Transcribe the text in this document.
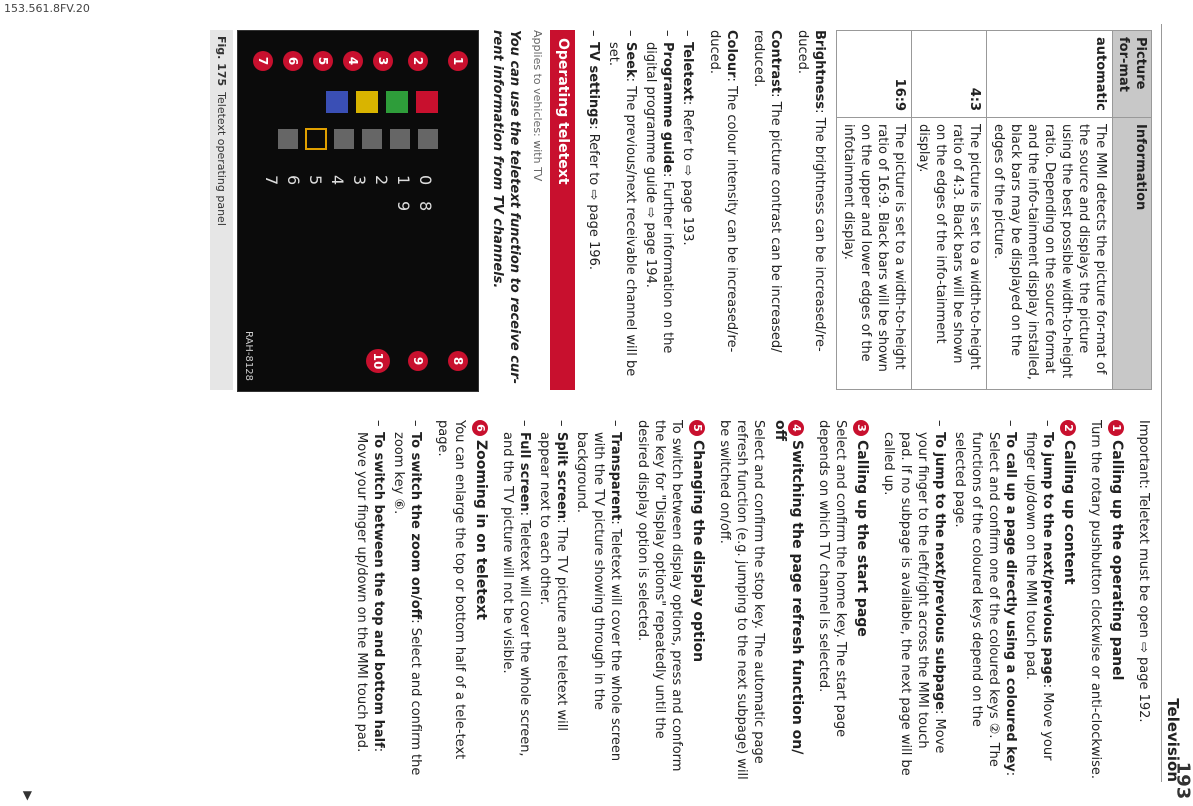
153.561.8FV.20
▼
Television
Picture for-mat	Information
automatic	The MMI detects the picture for-mat of the source and displays the picture using the best possible width-to-height ratio. Depending on the source format and the info-tainment display installed, black bars may be displayed on the edges of the picture.
4:3	The picture is set to a width-to-height ratio of 4:3. Black bars will be shown on the edges of the info-tainment display.
16:9	The picture is set to a width-to-height ratio of 16:9. Black bars will be shown on the upper and lower edges of the infotainment display.

Brightness: The brightness can be increased/re-duced.

Contrast: The picture contrast can be increased/ reduced.

Colour: The colour intensity can be increased/re-duced.

– Teletext: Refer to ⇨ page 193.
– Programme guide: Further information on the digital programme guide ⇨ page 194.
– Seek: The previous/next receivable channel will be set.
– TV settings: Refer to ⇨ page 196.
Operating teletext
Applies to vehicles: with TV
You can use the teletext function to receive cur-rent information from TV channels.
0
1
2
3
4
5
6
7
8
9
1
2
3
4
5
6
7
8
9
10
RAH-8128
Fig. 175Teletext operating panel

Important: Teletext must be open ⇨ page 192.

1Calling up the operating panel

Turn the rotary pushbutton clockwise or anti-clockwise.

2Calling up content
– To jump to the next/previous page: Move your finger up/down on the MMI touch pad.
– To call up a page directly using a coloured key: Select and confirm one of the coloured keys ②. The functions of the coloured keys depend on the selected page.
– To jump to the next/previous subpage: Move your finger to the left/right across the MMI touch pad. If no subpage is available, the next page will be called up.
3Calling up the start page

Select and confirm the home key. The start page depends on which TV channel is selected.

4Switching the page refresh function on/ off

Select and confirm the stop key. The automatic page refresh function (e.g. jumping to the next subpage) will be switched on/off.

5Changing the display option

To switch between display options, press and conform the key for "Display options" repeatedly until the desired display option is selected.

– Transparent: Teletext will cover the whole screen with the TV picture showing through in the background.
– Split screen: The TV picture and teletext will appear next to each other.
– Full screen: Teletext will cover the whole screen, and the TV picture will not be visible.
6Zooming in on teletext

You can enlarge the top or bottom half of a tele-text page.

– To switch the zoom on/off: Select and confirm the zoom key ⑥.
– To switch between the top and bottom half: Move your finger up/down on the MMI touch pad.
193
